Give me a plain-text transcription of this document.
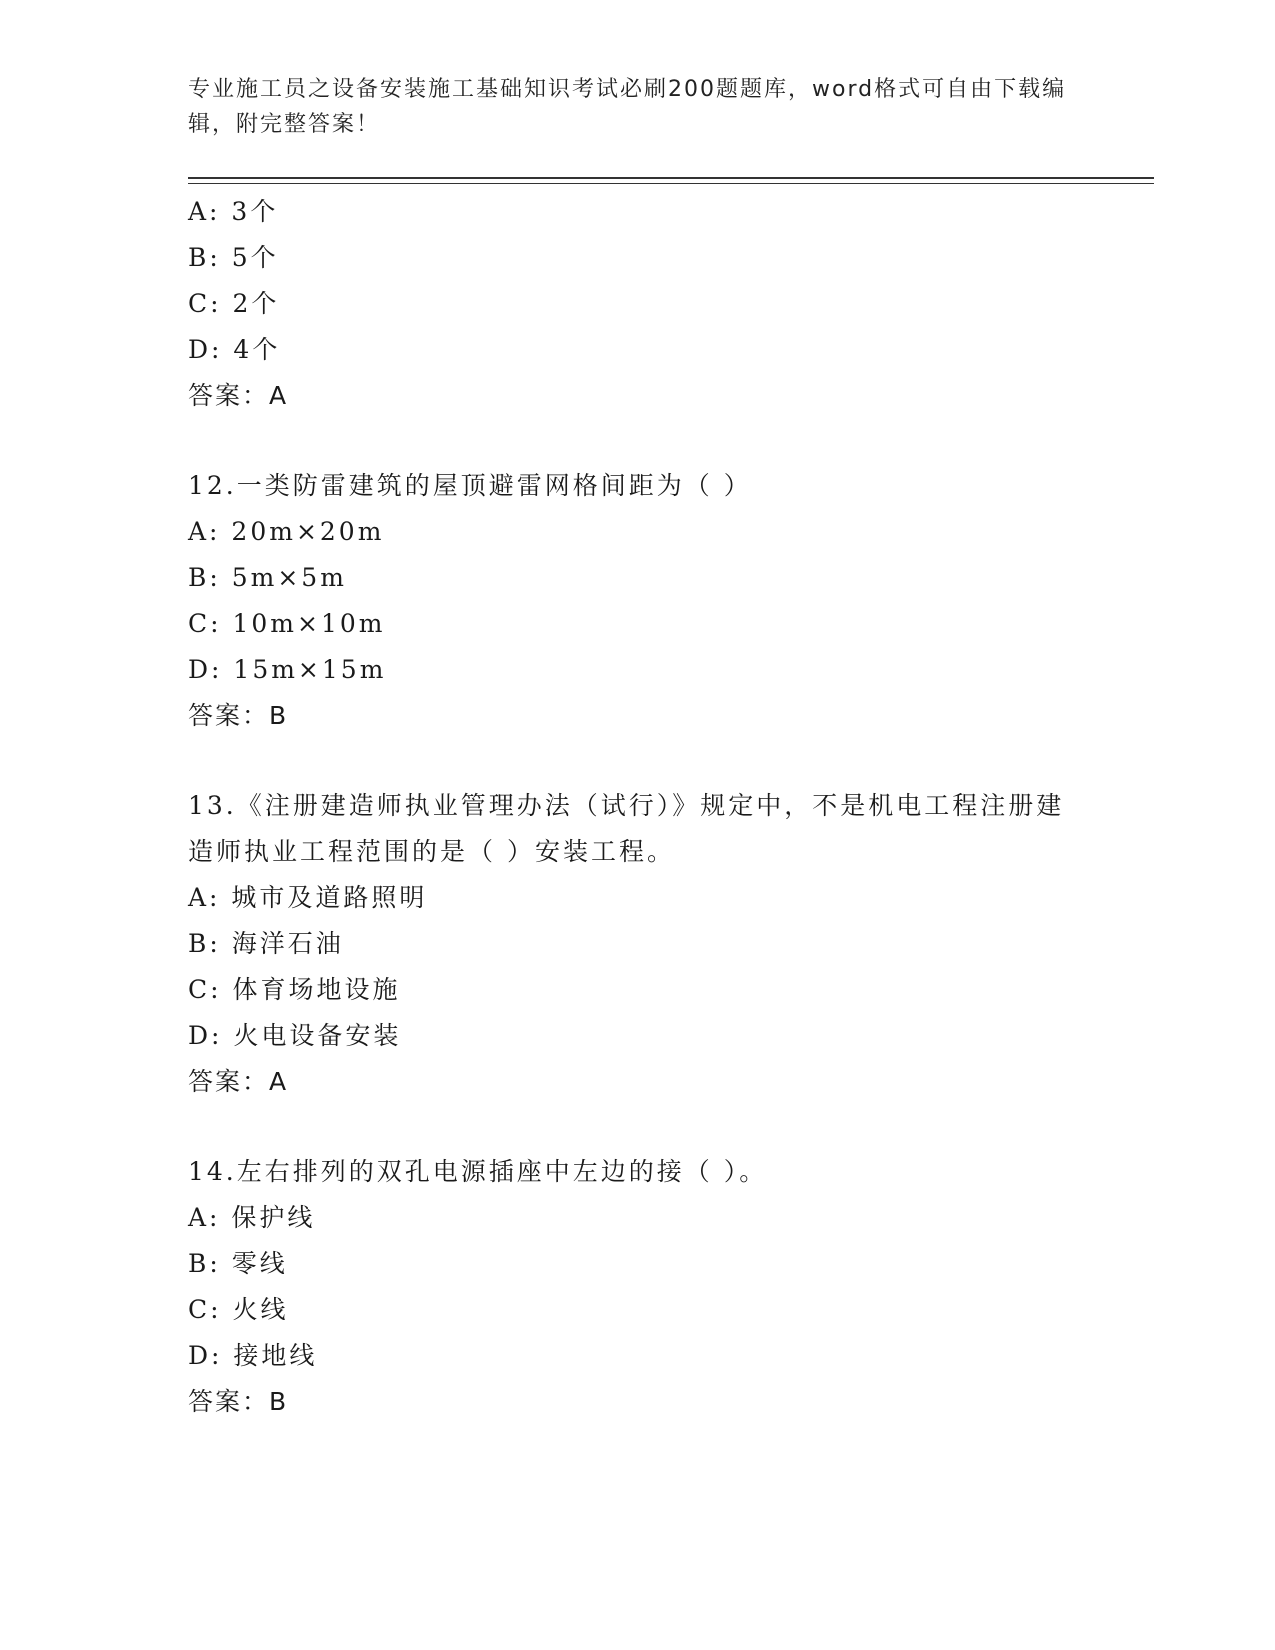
专业施工员之设备安装施工基础知识考试必刷200题题库，word格式可自由下载编辑，附完整答案！
A: 3个
B: 5个
C: 2个
D: 4个
答案：A
12.一类防雷建筑的屋顶避雷网格间距为（ ）
A: 20m×20m
B: 5m×5m
C: 10m×10m
D: 15m×15m
答案：B
13.《注册建造师执业管理办法（试行）》规定中，不是机电工程注册建造师执业工程范围的是（ ）安装工程。
A: 城市及道路照明
B: 海洋石油
C: 体育场地设施
D: 火电设备安装
答案：A
14.左右排列的双孔电源插座中左边的接（ ）。
A: 保护线
B: 零线
C: 火线
D: 接地线
答案：B
